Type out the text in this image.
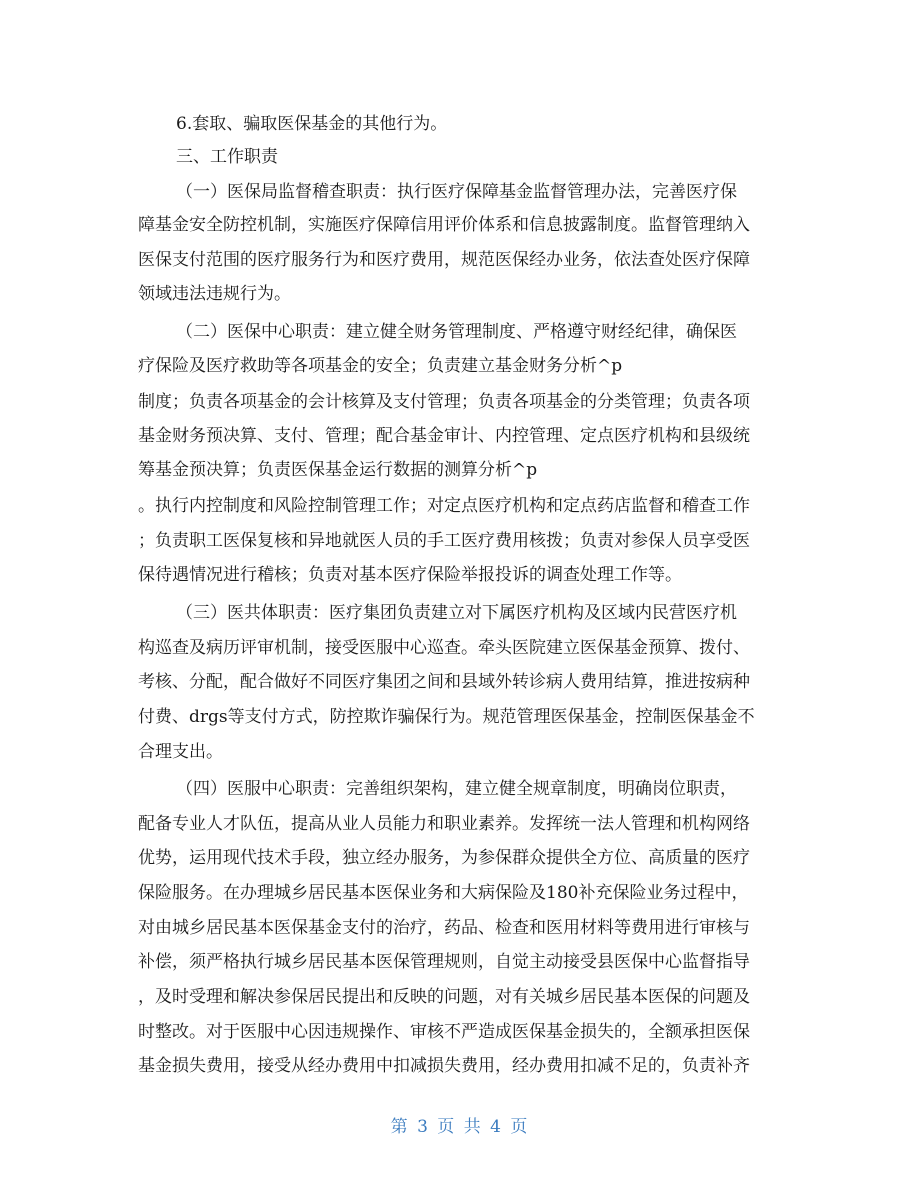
6.套取、骗取医保基金的其他行为。
三、工作职责
（一）医保局监督稽查职责：执行医疗保障基金监督管理办法，完善医疗保
障基金安全防控机制，实施医疗保障信用评价体系和信息披露制度。监督管理纳入
医保支付范围的医疗服务行为和医疗费用，规范医保经办业务，依法查处医疗保障
领域违法违规行为。
（二）医保中心职责：建立健全财务管理制度、严格遵守财经纪律，确保医
疗保险及医疗救助等各项基金的安全；负责建立基金财务分析^p
制度；负责各项基金的会计核算及支付管理；负责各项基金的分类管理；负责各项
基金财务预决算、支付、管理；配合基金审计、内控管理、定点医疗机构和县级统
筹基金预决算；负责医保基金运行数据的测算分析^p
。执行内控制度和风险控制管理工作；对定点医疗机构和定点药店监督和稽查工作
；负责职工医保复核和异地就医人员的手工医疗费用核拨；负责对参保人员享受医
保待遇情况进行稽核；负责对基本医疗保险举报投诉的调查处理工作等。
（三）医共体职责：医疗集团负责建立对下属医疗机构及区域内民营医疗机
构巡查及病历评审机制，接受医服中心巡查。牵头医院建立医保基金预算、拨付、
考核、分配，配合做好不同医疗集团之间和县域外转诊病人费用结算，推进按病种
付费、drgs等支付方式，防控欺诈骗保行为。规范管理医保基金，控制医保基金不
合理支出。
（四）医服中心职责：完善组织架构，建立健全规章制度，明确岗位职责，
配备专业人才队伍，提高从业人员能力和职业素养。发挥统一法人管理和机构网络
优势，运用现代技术手段，独立经办服务，为参保群众提供全方位、高质量的医疗
保险服务。在办理城乡居民基本医保业务和大病保险及180补充保险业务过程中，
对由城乡居民基本医保基金支付的治疗，药品、检查和医用材料等费用进行审核与
补偿，须严格执行城乡居民基本医保管理规则，自觉主动接受县医保中心监督指导
，及时受理和解决参保居民提出和反映的问题，对有关城乡居民基本医保的问题及
时整改。对于医服中心因违规操作、审核不严造成医保基金损失的，全额承担医保
基金损失费用，接受从经办费用中扣减损失费用，经办费用扣减不足的，负责补齐
第 3 页 共 4 页
